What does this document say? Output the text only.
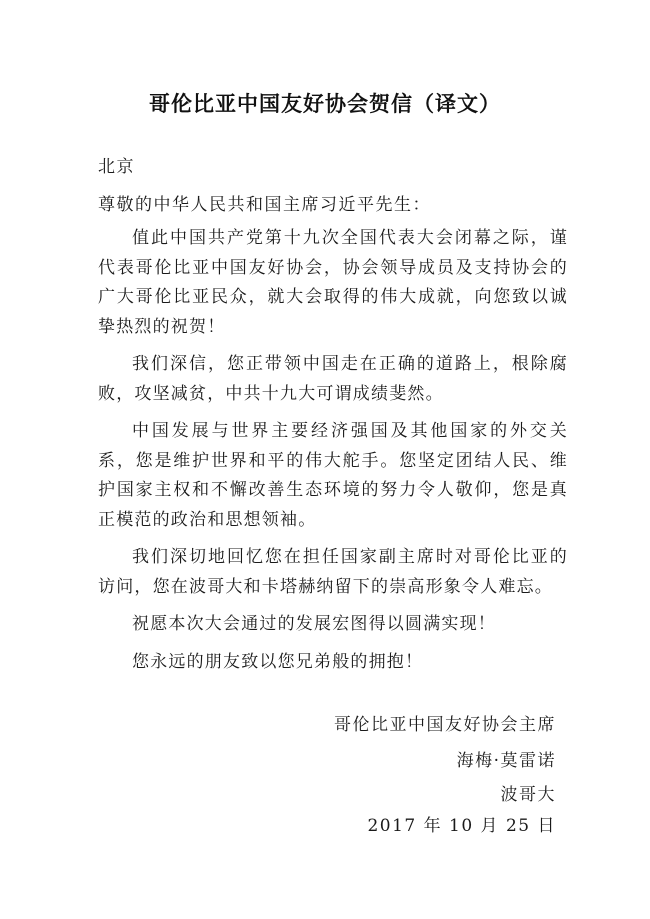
哥伦比亚中国友好协会贺信（译文）
北京
尊敬的中华人民共和国主席习近平先生：

值此中国共产党第十九次全国代表大会闭幕之际，谨代表哥伦比亚中国友好协会，协会领导成员及支持协会的广大哥伦比亚民众，就大会取得的伟大成就，向您致以诚挚热烈的祝贺！

我们深信，您正带领中国走在正确的道路上，根除腐败，攻坚减贫，中共十九大可谓成绩斐然。

中国发展与世界主要经济强国及其他国家的外交关系，您是维护世界和平的伟大舵手。您坚定团结人民、维护国家主权和不懈改善生态环境的努力令人敬仰，您是真正模范的政治和思想领袖。

我们深切地回忆您在担任国家副主席时对哥伦比亚的访问，您在波哥大和卡塔赫纳留下的崇高形象令人难忘。

祝愿本次大会通过的发展宏图得以圆满实现！

您永远的朋友致以您兄弟般的拥抱！

哥伦比亚中国友好协会主席
海梅·莫雷诺
波哥大
2017 年 10 月 25 日
